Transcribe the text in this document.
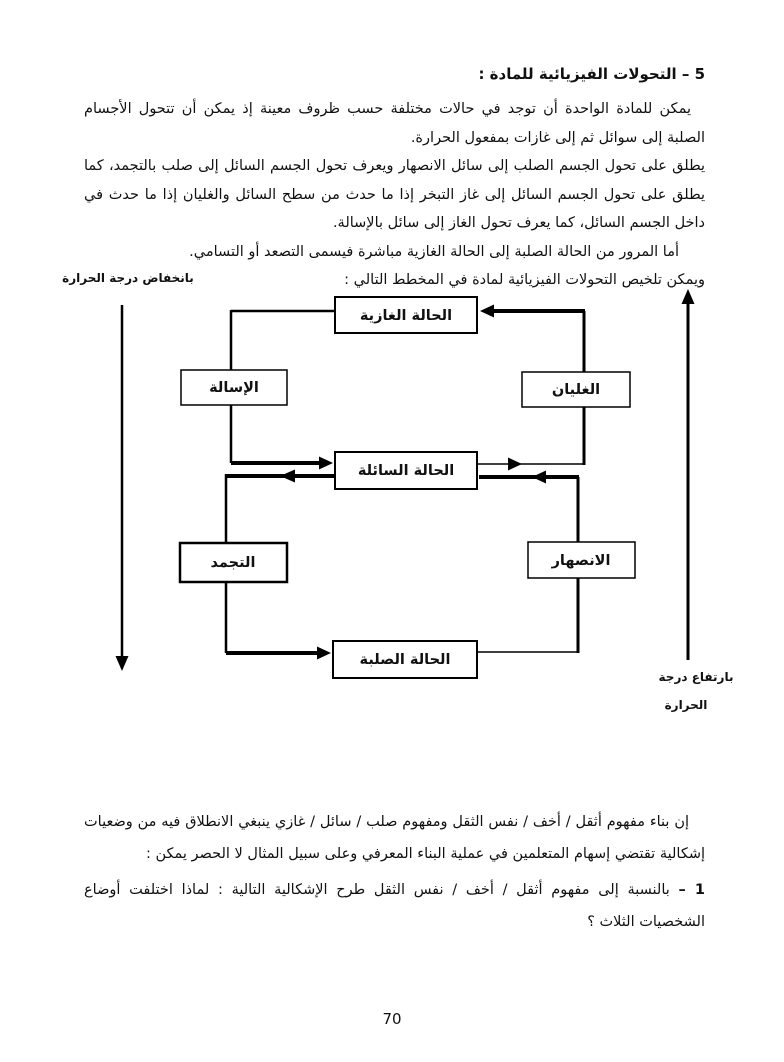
5 – التحولات الفيزيائية للمادة :

يمكن للمادة الواحدة أن توجد في حالات مختلفة حسب ظروف معينة إذ يمكن أن تتحول الأجسام الصلبة إلى سوائل ثم إلى غازات بمفعول الحرارة.

يطلق على تحول الجسم الصلب إلى سائل الانصهار ويعرف تحول الجسم السائل إلى صلب بالتجمد، كما يطلق على تحول الجسم السائل إلى غاز التبخر إذا ما حدث من سطح السائل والغليان إذا ما حدث في داخل الجسم السائل، كما يعرف تحول الغاز إلى سائل بالإسالة.

أما المرور من الحالة الصلبة إلى الحالة الغازية مباشرة فيسمى التصعد أو التسامي.

ويمكن تلخيص التحولات الفيزيائية لمادة في المخطط التالي :

الحالة الغازية
الإسالة	الغليان
الحالة السائلة
التجمد	الانصهار
الحالة الصلبة
بانخفاض درجة الحرارة
بارتفاع درجة
الحرارة

إن بناء مفهوم أثقل / أخف / نفس الثقل ومفهوم صلب / سائل / غازي ينبغي الانطلاق فيه من وضعيات إشكالية تقتضي إسهام المتعلمين في عملية البناء المعرفي وعلى سبيل المثال لا الحصر يمكن :

1 – بالنسبة إلى مفهوم أثقل / أخف / نفس الثقل طرح الإشكالية التالية : لماذا اختلفت أوضاع الشخصيات الثلاث ؟

70
